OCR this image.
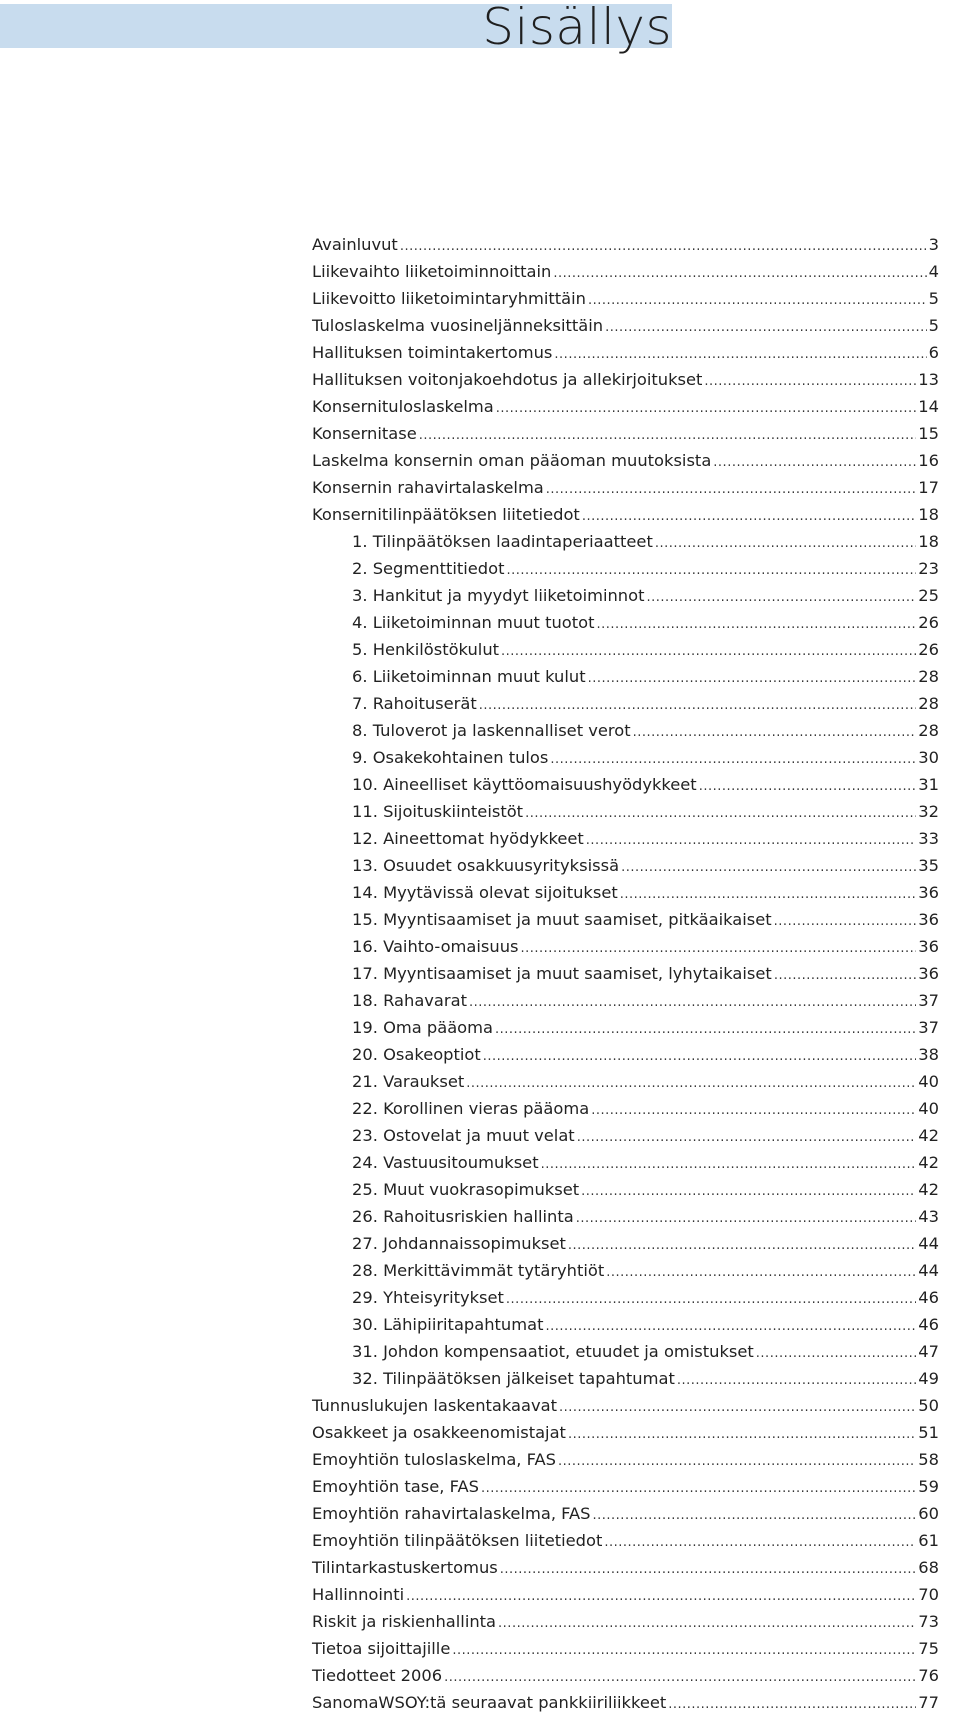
Sisällys
Avainluvut .....	3
Liikevaihto liiketoiminnoittain .....	4
Liikevoitto liiketoimintaryhmittäin .....	5
Tuloslaskelma vuosineljänneksittäin .....	5
Hallituksen toimintakertomus .....	6
Hallituksen voitonjakoehdotus ja allekirjoitukset .....	13
Konsernituloslaskelma .....	14
Konsernitase .....	15
Laskelma konsernin oman pääoman muutoksista .....	16
Konsernin rahavirtalaskelma .....	17
Konsernitilinpäätöksen liitetiedot .....	18
1. Tilinpäätöksen laadintaperiaatteet .....	18
2. Segmenttitiedot .....	23
3. Hankitut ja myydyt liiketoiminnot .....	25
4. Liiketoiminnan muut tuotot .....	26
5. Henkilöstökulut .....	26
6. Liiketoiminnan muut kulut .....	28
7. Rahoituserät .....	28
8. Tuloverot ja laskennalliset verot .....	28
9. Osakekohtainen tulos .....	30
10. Aineelliset käyttöomaisuushyödykkeet .....	31
11. Sijoituskiinteistöt .....	32
12. Aineettomat hyödykkeet .....	33
13. Osuudet osakkuusyrityksissä .....	35
14. Myytävissä olevat sijoitukset .....	36
15. Myyntisaamiset ja muut saamiset, pitkäaikaiset .....	36
16. Vaihto-omaisuus .....	36
17. Myyntisaamiset ja muut saamiset, lyhytaikaiset .....	36
18. Rahavarat .....	37
19. Oma pääoma .....	37
20. Osakeoptiot .....	38
21. Varaukset .....	40
22. Korollinen vieras pääoma .....	40
23. Ostovelat ja muut velat .....	42
24. Vastuusitoumukset .....	42
25. Muut vuokrasopimukset .....	42
26. Rahoitusriskien hallinta .....	43
27. Johdannaissopimukset .....	44
28. Merkittävimmät tytäryhtiöt .....	44
29. Yhteisyritykset .....	46
30. Lähipiiritapahtumat .....	46
31. Johdon kompensaatiot, etuudet ja omistukset .....	47
32. Tilinpäätöksen jälkeiset tapahtumat .....	49
Tunnuslukujen laskentakaavat .....	50
Osakkeet ja osakkeenomistajat .....	51
Emoyhtiön tuloslaskelma, FAS .....	58
Emoyhtiön tase, FAS .....	59
Emoyhtiön rahavirtalaskelma, FAS .....	60
Emoyhtiön tilinpäätöksen liitetiedot .....	61
Tilintarkastuskertomus .....	68
Hallinnointi .....	70
Riskit ja riskienhallinta .....	73
Tietoa sijoittajille .....	75
Tiedotteet 2006 .....	76
SanomaWSOY:tä seuraavat pankkiiriliikkeet .....	77
